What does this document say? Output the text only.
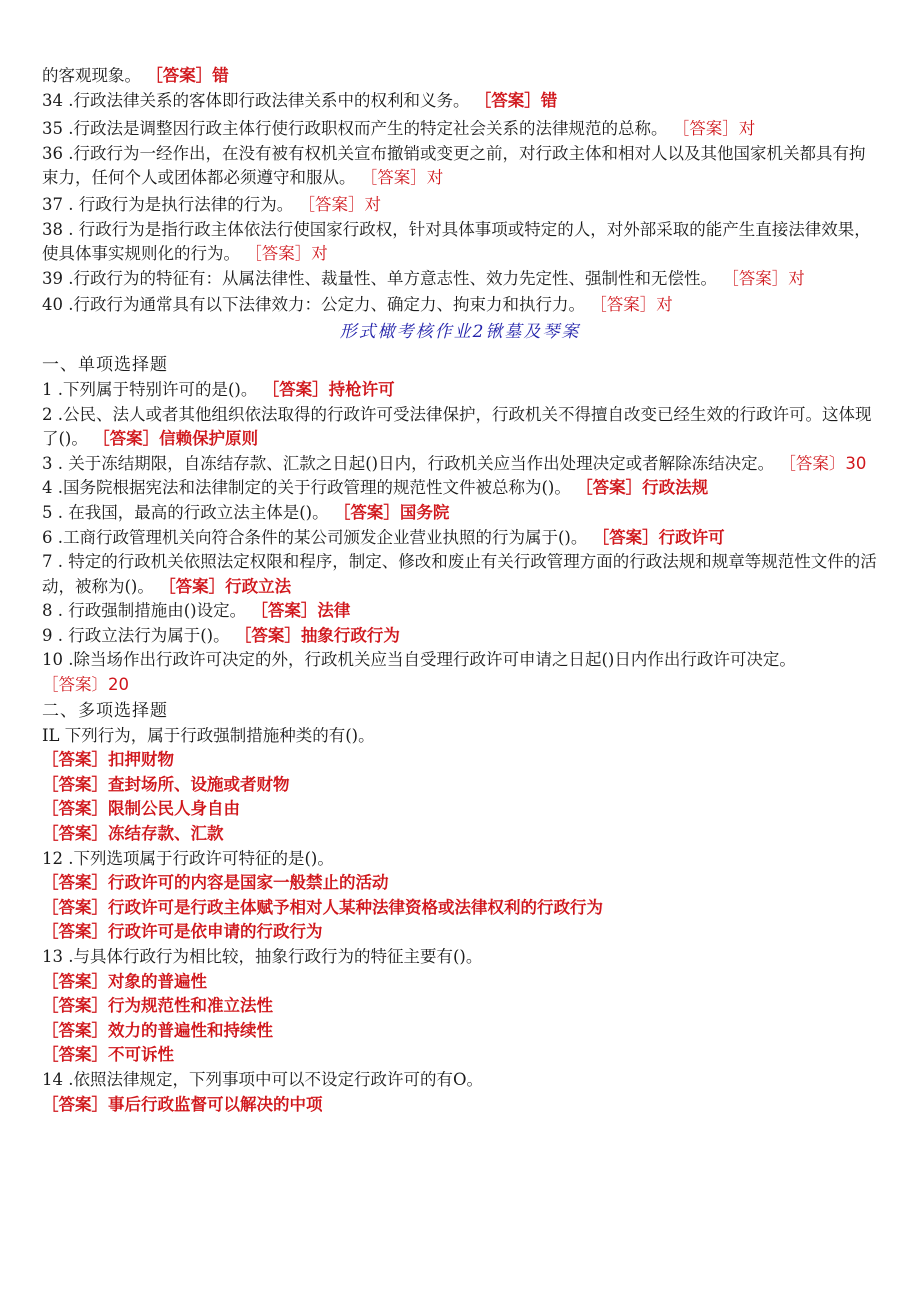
的客观现象。 ［答案］错
34 .行政法律关系的客体即行政法律关系中的权利和义务。 ［答案］错
35 .行政法是调整因行政主体行使行政职权而产生的特定社会关系的法律规范的总称。 ［答案］对
36 .行政行为一经作出，在没有被有权机关宣布撤销或变更之前，对行政主体和相对人以及其他国家机关都具有拘束力，任何个人或团体都必须遵守和服从。 ［答案］对
37 . 行政行为是执行法律的行为。 ［答案］对
38 . 行政行为是指行政主体依法行使国家行政权，针对具体事项或特定的人，对外部采取的能产生直接法律效果，使具体事实规则化的行为。 ［答案］对
39 .行政行为的特征有：从属法律性、裁量性、单方意志性、效力先定性、强制性和无偿性。 ［答案］对
40 .行政行为通常具有以下法律效力：公定力、确定力、拘束力和执行力。 ［答案］对
形式橄考核作业2锹墓及琴案
一、单项选择题
1 .下列属于特别许可的是()。 ［答案］持枪许可
2 .公民、法人或者其他组织依法取得的行政许可受法律保护，行政机关不得擅自改变已经生效的行政许可。这体现了()。 ［答案］信赖保护原则
3 . 关于冻结期限，自冻结存款、汇款之日起()日内，行政机关应当作出处理决定或者解除冻结决定。 ［答案〕30
4 .国务院根据宪法和法律制定的关于行政管理的规范性文件被总称为()。 ［答案］行政法规
5 . 在我国，最高的行政立法主体是()。 ［答案］国务院
6 .工商行政管理机关向符合条件的某公司颁发企业营业执照的行为属于()。 ［答案］行政许可
7 . 特定的行政机关依照法定权限和程序，制定、修改和废止有关行政管理方面的行政法规和规章等规范性文件的活动，被称为()。 ［答案］行政立法
8 . 行政强制措施由()设定。 ［答案］法律
9 . 行政立法行为属于()。 ［答案］抽象行政行为
10 .除当场作出行政许可决定的外，行政机关应当自受理行政许可申请之日起()日内作出行政许可决定。
［答案〕20
二、多项选择题
IL 下列行为，属于行政强制措施种类的有()。
［答案］扣押财物
［答案］查封场所、设施或者财物
［答案］限制公民人身自由
［答案］冻结存款、汇款
12 .下列选项属于行政许可特征的是()。
［答案］行政许可的内容是国家一般禁止的活动
［答案］行政许可是行政主体赋予相对人某种法律资格或法律权利的行政行为
［答案］行政许可是依申请的行政行为
13 .与具体行政行为相比较，抽象行政行为的特征主要有()。
［答案］对象的普遍性
［答案］行为规范性和准立法性
［答案］效力的普遍性和持续性
［答案］不可诉性
14 .依照法律规定，下列事项中可以不设定行政许可的有O。
［答案］事后行政监督可以解决的中项
